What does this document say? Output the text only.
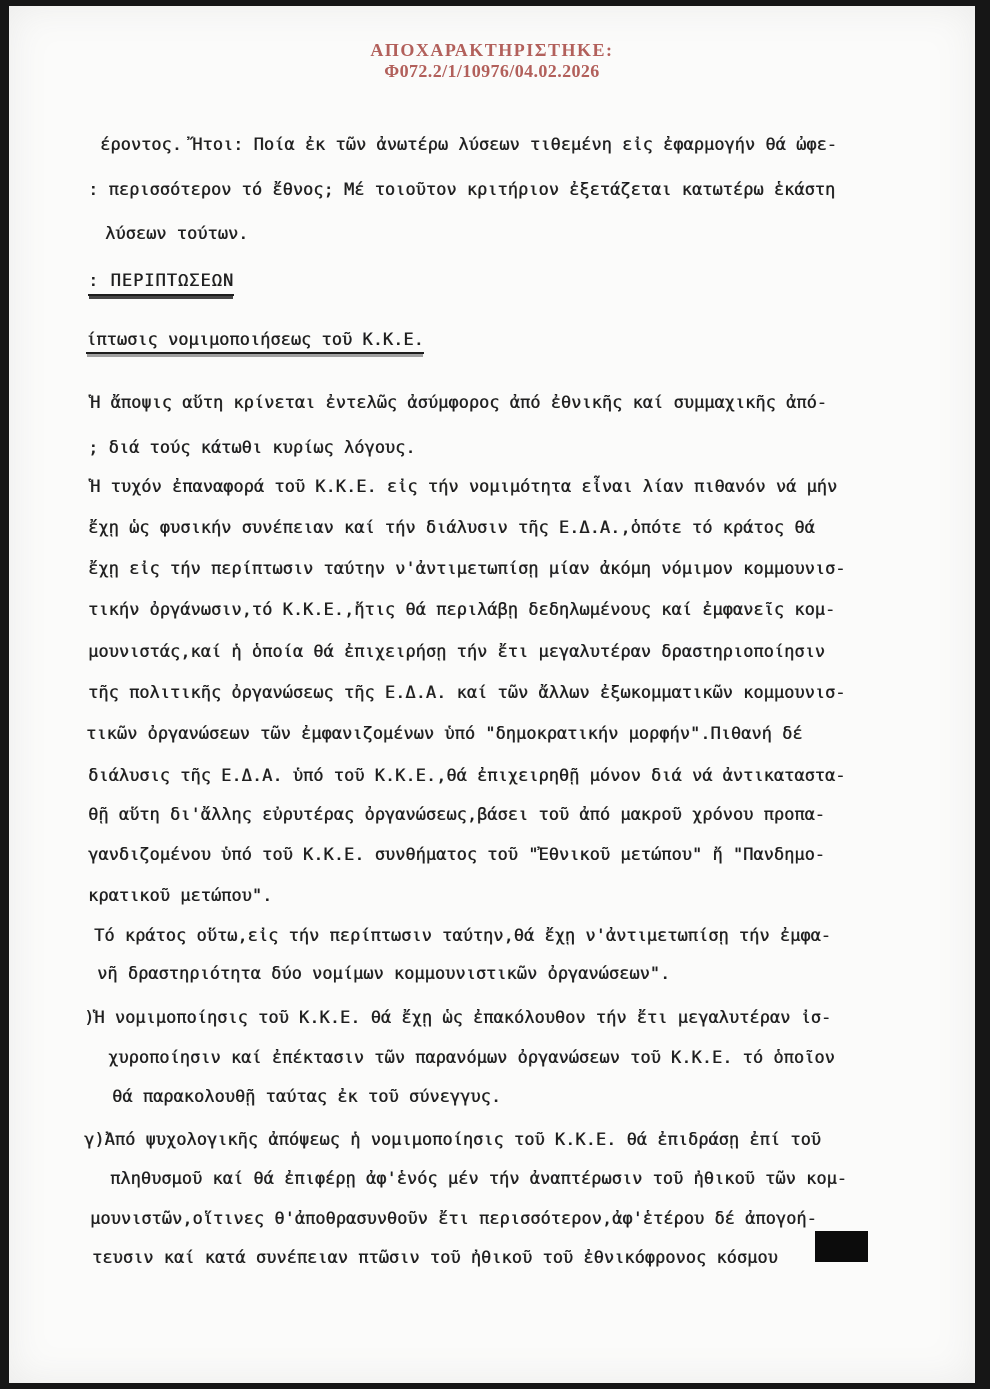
ΑΠΟΧΑΡΑΚΤΗΡΙΣΤΗΚΕ:
Φ072.2/1/10976/04.02.2026
έροντος. Ἤτοι: Ποία ἐκ τῶν ἀνωτέρω λύσεων τιθεμένη εἰς ἐφαρμογήν θά ὠφε-
: περισσότερον τό ἔθνος; Μέ τοιοῦτον κριτήριον ἐξετάζεται κατωτέρω ἑκάστη
λύσεων τούτων.
: ΠΕΡΙΠΤΩΣΕΩΝ
ίπτωσις νομιμοποιήσεως τοῦ Κ.Κ.Ε.
Ἡ ἄποψις αὕτη κρίνεται ἐντελῶς ἀσύμφορος ἀπό ἐθνικῆς καί συμμαχικῆς ἀπό-
; διά τούς κάτωθι κυρίως λόγους.
Ἡ τυχόν ἐπαναφορά τοῦ Κ.Κ.Ε. εἰς τήν νομιμότητα εἶναι λίαν πιθανόν νά μήν
ἔχῃ ὡς φυσικήν συνέπειαν καί τήν διάλυσιν τῆς Ε.Δ.Α.,ὁπότε τό κράτος θά
ἔχῃ εἰς τήν περίπτωσιν ταύτην ν'ἀντιμετωπίσῃ μίαν ἀκόμη νόμιμον κομμουνισ-
τικήν ὀργάνωσιν,τό Κ.Κ.Ε.,ἥτις θά περιλάβῃ δεδηλωμένους καί ἐμφανεῖς κομ-
μουνιστάς,καί ἡ ὁποία θά ἐπιχειρήσῃ τήν ἔτι μεγαλυτέραν δραστηριοποίησιν
τῆς πολιτικῆς ὀργανώσεως τῆς Ε.Δ.Α. καί τῶν ἄλλων ἐξωκομματικῶν κομμουνισ-
τικῶν ὀργανώσεων τῶν ἐμφανιζομένων ὑπό "δημοκρατικήν μορφήν".Πιθανή δέ
διάλυσις τῆς Ε.Δ.Α. ὑπό τοῦ Κ.Κ.Ε.,θά ἐπιχειρηθῇ μόνον διά νά ἀντικαταστα-
θῇ αὕτη δι'ἄλλης εὐρυτέρας ὀργανώσεως,βάσει τοῦ ἀπό μακροῦ χρόνου προπα-
γανδιζομένου ὑπό τοῦ Κ.Κ.Ε. συνθήματος τοῦ "Ἐθνικοῦ μετώπου" ἤ "Πανδημο-
κρατικοῦ μετώπου".
Τό κράτος οὕτω,εἰς τήν περίπτωσιν ταύτην,θά ἔχῃ ν'ἀντιμετωπίσῃ τήν ἐμφα-
νῆ δραστηριότητα δύο νομίμων κομμουνιστικῶν ὀργανώσεων".
)Ἡ νομιμοποίησις τοῦ Κ.Κ.Ε. θά ἔχῃ ὡς ἐπακόλουθον τήν ἔτι μεγαλυτέραν ἰσ-
χυροποίησιν καί ἐπέκτασιν τῶν παρανόμων ὀργανώσεων τοῦ Κ.Κ.Ε. τό ὁποῖον
θά παρακολουθῇ ταύτας ἐκ τοῦ σύνεγγυς.
γ)Ἀπό ψυχολογικῆς ἀπόψεως ἡ νομιμοποίησις τοῦ Κ.Κ.Ε. θά ἐπιδράσῃ ἐπί τοῦ
πληθυσμοῦ καί θά ἐπιφέρῃ ἀφ'ἑνός μέν τήν ἀναπτέρωσιν τοῦ ἠθικοῦ τῶν κομ-
μουνιστῶν,οἵτινες θ'ἀποθρασυνθοῦν ἔτι περισσότερον,ἀφ'ἑτέρου δέ ἀπογοή-
τευσιν καί κατά συνέπειαν πτῶσιν τοῦ ἠθικοῦ τοῦ ἐθνικόφρονος κόσμου
